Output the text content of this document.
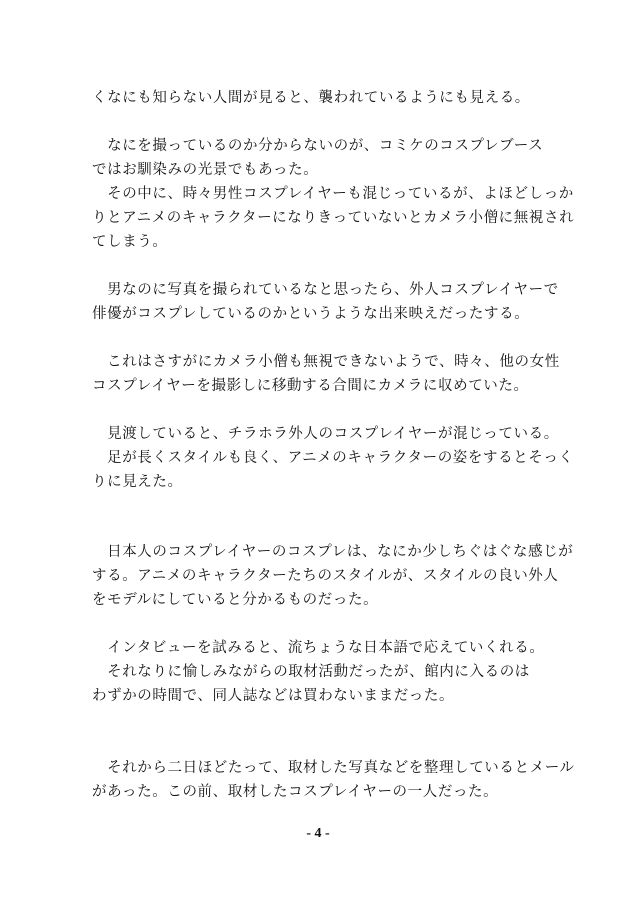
くなにも知らない人間が見ると、襲われているようにも見える。
　なにを撮っているのか分からないのが、コミケのコスプレブース
ではお馴染みの光景でもあった。
　その中に、時々男性コスプレイヤーも混じっているが、よほどしっか
りとアニメのキャラクターになりきっていないとカメラ小僧に無視され
てしまう。
　男なのに写真を撮られているなと思ったら、外人コスプレイヤーで
俳優がコスプレしているのかというような出来映えだったする。
　これはさすがにカメラ小僧も無視できないようで、時々、他の女性
コスプレイヤーを撮影しに移動する合間にカメラに収めていた。
　見渡していると、チラホラ外人のコスプレイヤーが混じっている。
　足が長くスタイルも良く、アニメのキャラクターの姿をするとそっく
りに見えた。
　日本人のコスプレイヤーのコスプレは、なにか少しちぐはぐな感じが
する。アニメのキャラクターたちのスタイルが、スタイルの良い外人
をモデルにしていると分かるものだった。
　インタビューを試みると、流ちょうな日本語で応えていくれる。
　それなりに愉しみながらの取材活動だったが、館内に入るのは
わずかの時間で、同人誌などは買わないままだった。
　それから二日ほどたって、取材した写真などを整理しているとメール
があった。この前、取材したコスプレイヤーの一人だった。
- 4 -
